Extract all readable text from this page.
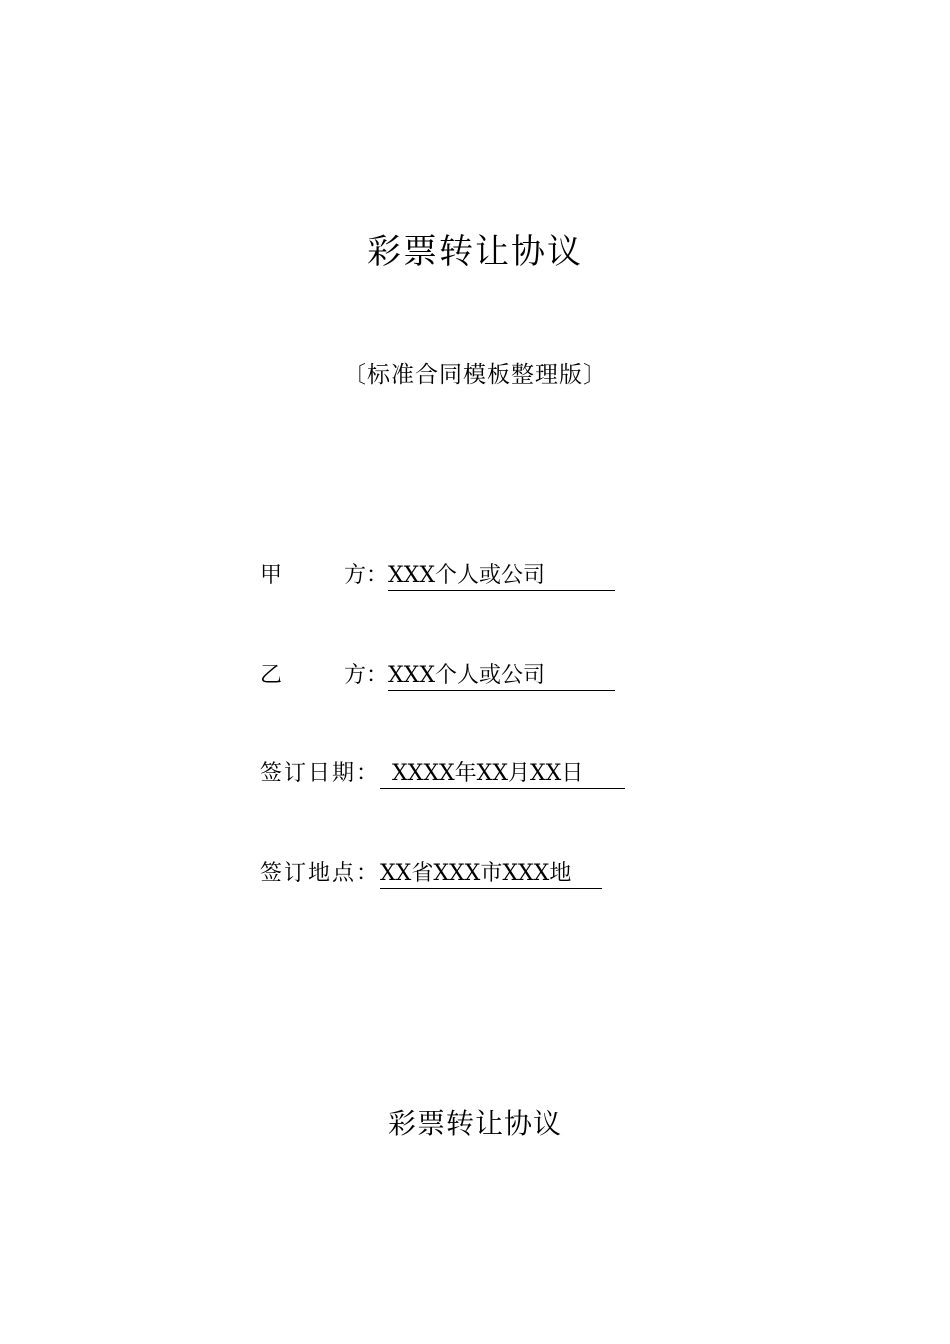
彩票转让协议
〔标准合同模板整理版〕
甲	方： XXX个人或公司
乙	方： XXX个人或公司
签订日期： XXXX年XX月XX日
签订地点： XX省XXX市XXX地
彩票转让协议
